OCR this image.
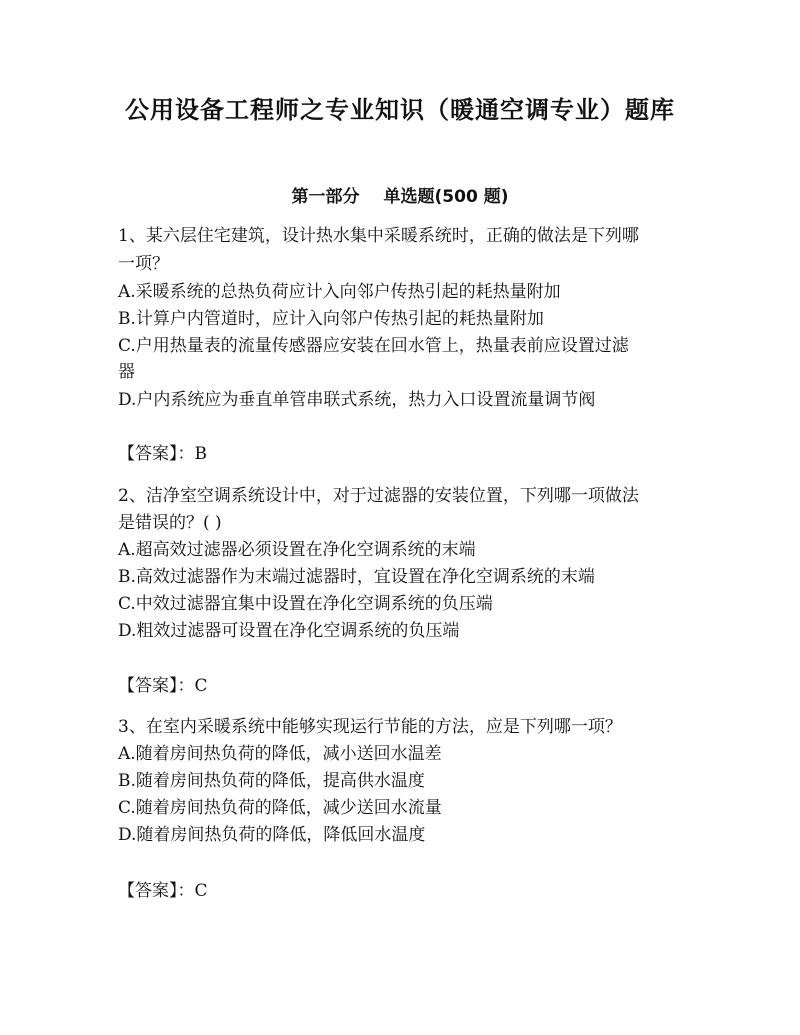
公用设备工程师之专业知识（暖通空调专业）题库
第一部分 单选题(500 题)
1、某六层住宅建筑，设计热水集中采暖系统时，正确的做法是下列哪
一项？
A.采暖系统的总热负荷应计入向邻户传热引起的耗热量附加
B.计算户内管道时，应计入向邻户传热引起的耗热量附加
C.户用热量表的流量传感器应安装在回水管上，热量表前应设置过滤
器
D.户内系统应为垂直单管串联式系统，热力入口设置流量调节阀
【答案】：B
2、洁净室空调系统设计中，对于过滤器的安装位置，下列哪一项做法
是错误的？( )
A.超高效过滤器必须设置在净化空调系统的末端
B.高效过滤器作为末端过滤器时，宜设置在净化空调系统的末端
C.中效过滤器宜集中设置在净化空调系统的负压端
D.粗效过滤器可设置在净化空调系统的负压端
【答案】：C
3、在室内采暖系统中能够实现运行节能的方法，应是下列哪一项？
A.随着房间热负荷的降低，减小送回水温差
B.随着房间热负荷的降低，提高供水温度
C.随着房间热负荷的降低，减少送回水流量
D.随着房间热负荷的降低，降低回水温度
【答案】：C
